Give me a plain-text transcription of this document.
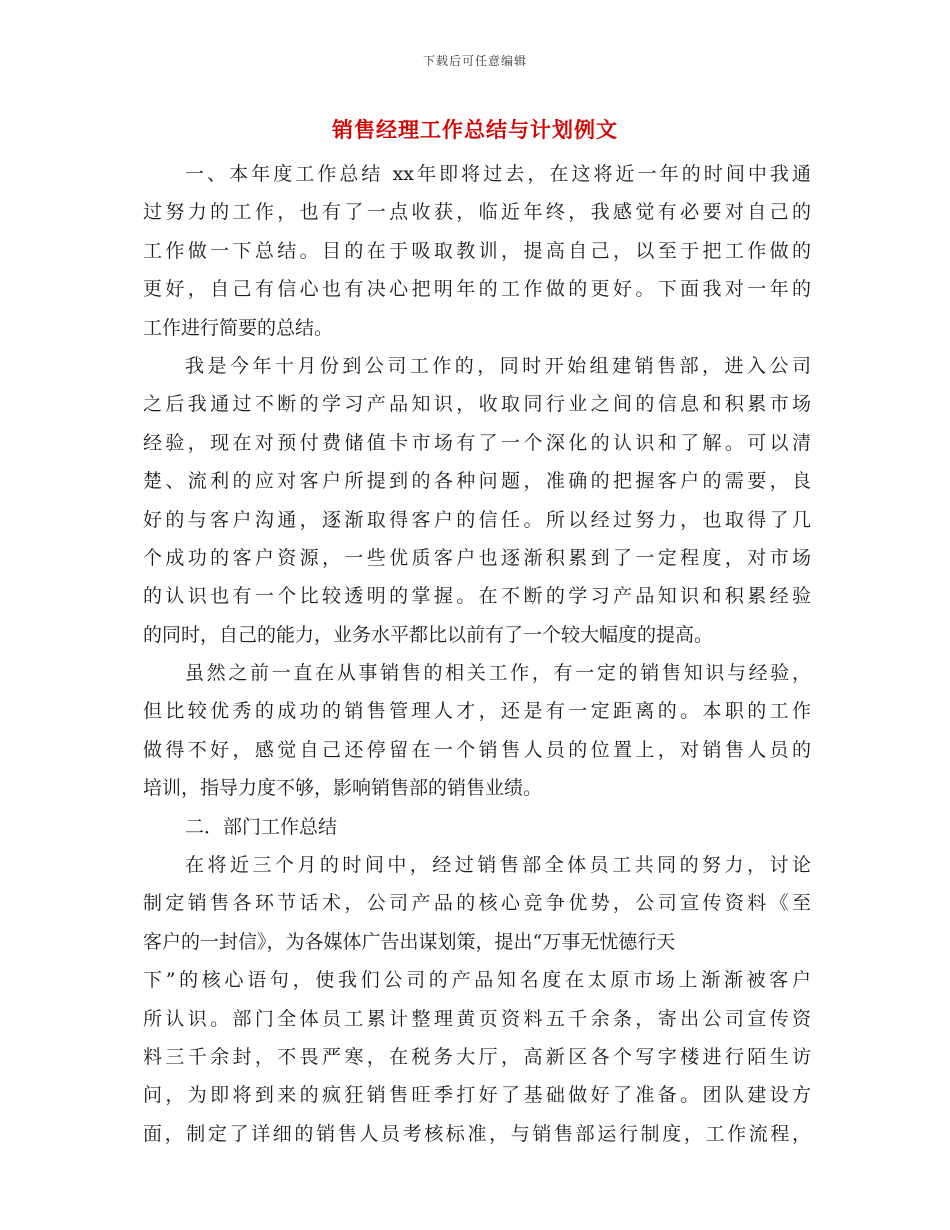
下载后可任意编辑
销售经理工作总结与计划例文
一、本年度工作总结 xx年即将过去，在这将近一年的时间中我通
过努力的工作，也有了一点收获，临近年终，我感觉有必要对自己的
工作做一下总结。目的在于吸取教训，提高自己，以至于把工作做的
更好，自己有信心也有决心把明年的工作做的更好。下面我对一年的
工作进行简要的总结。
我是今年十月份到公司工作的，同时开始组建销售部，进入公司
之后我通过不断的学习产品知识，收取同行业之间的信息和积累市场
经验，现在对预付费储值卡市场有了一个深化的认识和了解。可以清
楚、流利的应对客户所提到的各种问题，准确的把握客户的需要，良
好的与客户沟通，逐渐取得客户的信任。所以经过努力，也取得了几
个成功的客户资源，一些优质客户也逐渐积累到了一定程度，对市场
的认识也有一个比较透明的掌握。在不断的学习产品知识和积累经验
的同时，自己的能力，业务水平都比以前有了一个较大幅度的提高。
虽然之前一直在从事销售的相关工作，有一定的销售知识与经验，
但比较优秀的成功的销售管理人才，还是有一定距离的。本职的工作
做得不好，感觉自己还停留在一个销售人员的位置上，对销售人员的
培训，指导力度不够，影响销售部的销售业绩。
二．部门工作总结
在将近三个月的时间中，经过销售部全体员工共同的努力，讨论
制定销售各环节话术，公司产品的核心竞争优势，公司宣传资料《至
客户的一封信》，为各媒体广告出谋划策，提出“万事无忧德行天
下”的核心语句，使我们公司的产品知名度在太原市场上渐渐被客户
所认识。部门全体员工累计整理黄页资料五千余条，寄出公司宣传资
料三千余封，不畏严寒，在税务大厅，高新区各个写字楼进行陌生访
问，为即将到来的疯狂销售旺季打好了基础做好了准备。团队建设方
面，制定了详细的销售人员考核标准，与销售部运行制度，工作流程，
